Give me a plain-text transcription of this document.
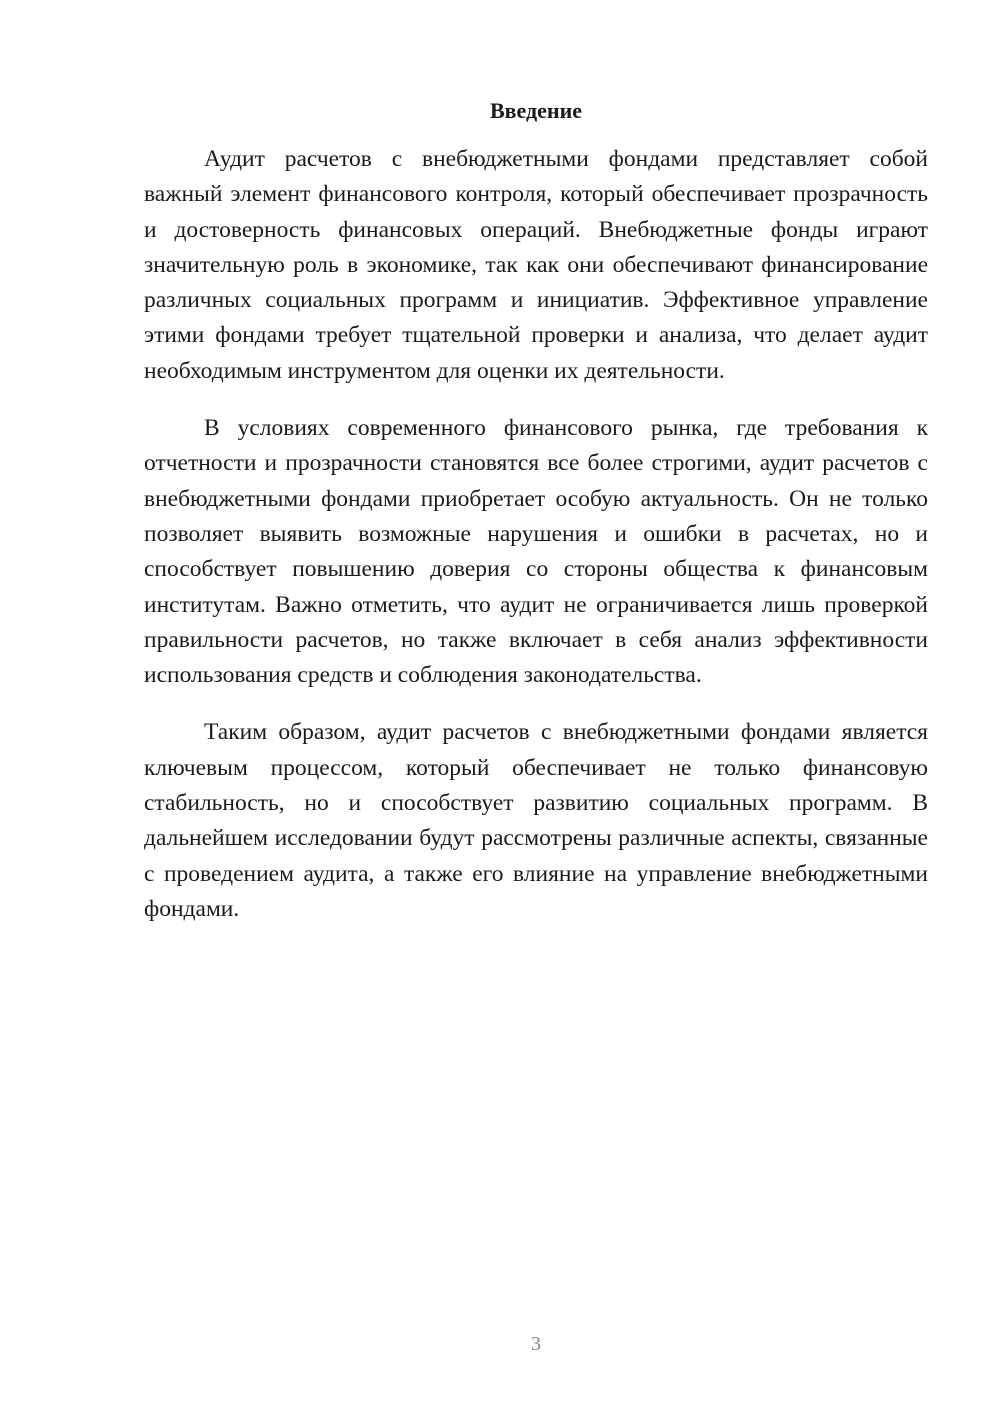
Введение

Аудит расчетов с внебюджетными фондами представляет собой важный элемент финансового контроля, который обеспечивает прозрачность и достоверность финансовых операций. Внебюджетные фонды играют значительную роль в экономике, так как они обеспечивают финансирование различных социальных программ и инициатив. Эффективное управление этими фондами требует тщательной проверки и анализа, что делает аудит необходимым инструментом для оценки их деятельности.

В условиях современного финансового рынка, где требования к отчетности и прозрачности становятся все более строгими, аудит расчетов с внебюджетными фондами приобретает особую актуальность. Он не только позволяет выявить возможные нарушения и ошибки в расчетах, но и способствует повышению доверия со стороны общества к финансовым институтам. Важно отметить, что аудит не ограничивается лишь проверкой правильности расчетов, но также включает в себя анализ эффективности использования средств и соблюдения законодательства.

Таким образом, аудит расчетов с внебюджетными фондами является ключевым процессом, который обеспечивает не только финансовую стабильность, но и способствует развитию социальных программ. В дальнейшем исследовании будут рассмотрены различные аспекты, связанные с проведением аудита, а также его влияние на управление внебюджетными фондами.

3
